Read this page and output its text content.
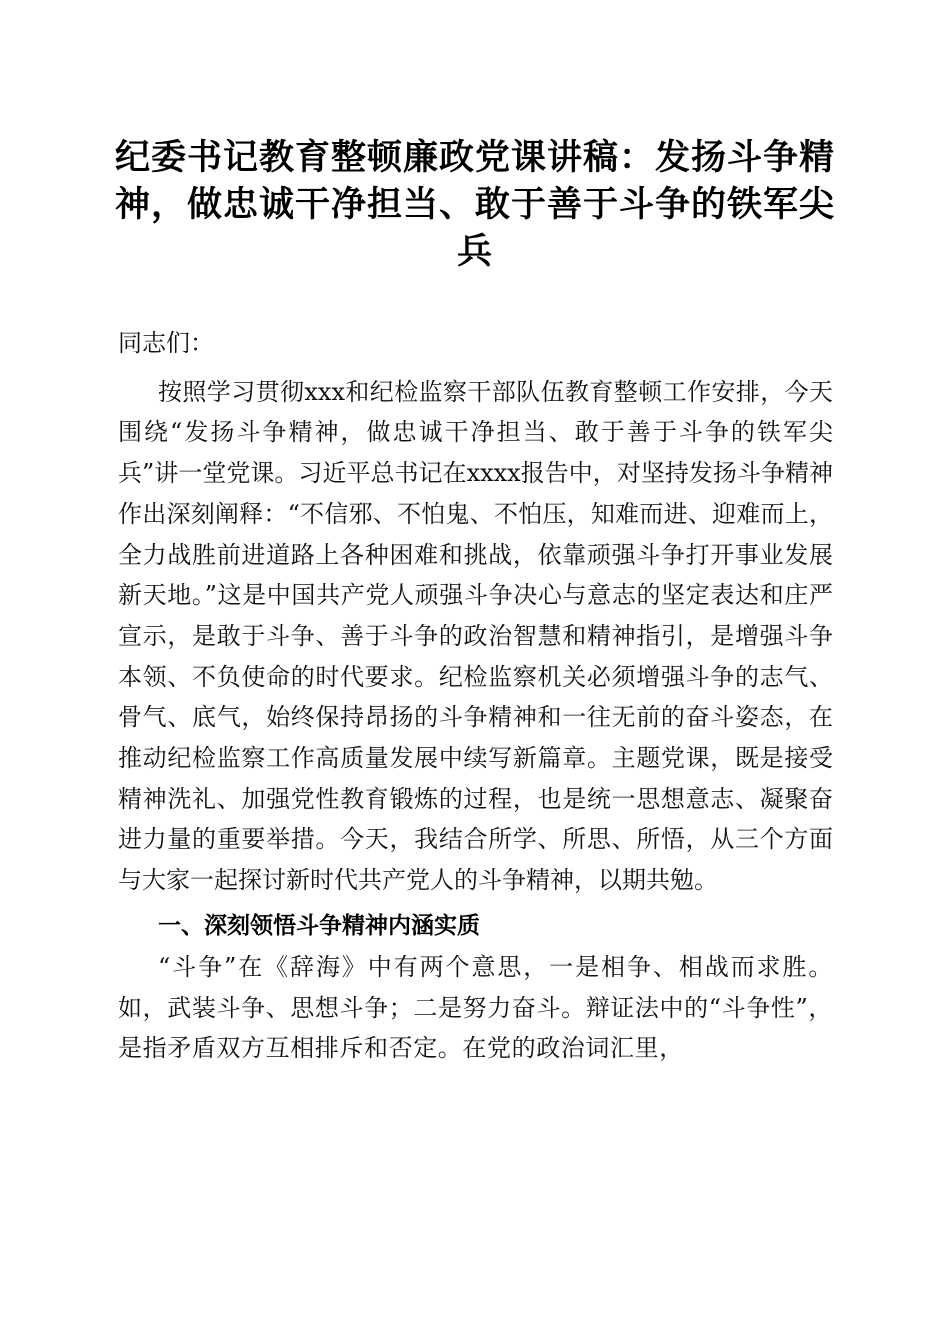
纪委书记教育整顿廉政党课讲稿：发扬斗争精神，做忠诚干净担当、敢于善于斗争的铁军尖兵

同志们：

按照学习贯彻xxx和纪检监察干部队伍教育整顿工作安排，今天围绕“发扬斗争精神，做忠诚干净担当、敢于善于斗争的铁军尖兵”讲一堂党课。习近平总书记在xxxx报告中，对坚持发扬斗争精神作出深刻阐释：“不信邪、不怕鬼、不怕压，知难而进、迎难而上，全力战胜前进道路上各种困难和挑战，依靠顽强斗争打开事业发展新天地。”这是中国共产党人顽强斗争决心与意志的坚定表达和庄严宣示，是敢于斗争、善于斗争的政治智慧和精神指引，是增强斗争本领、不负使命的时代要求。纪检监察机关必须增强斗争的志气、骨气、底气，始终保持昂扬的斗争精神和一往无前的奋斗姿态，在推动纪检监察工作高质量发展中续写新篇章。主题党课，既是接受精神洗礼、加强党性教育锻炼的过程，也是统一思想意志、凝聚奋进力量的重要举措。今天，我结合所学、所思、所悟，从三个方面与大家一起探讨新时代共产党人的斗争精神，以期共勉。

一、深刻领悟斗争精神内涵实质

“斗争”在《辞海》中有两个意思，一是相争、相战而求胜。如，武装斗争、思想斗争；二是努力奋斗。辩证法中的“斗争性”，是指矛盾双方互相排斥和否定。在党的政治词汇里，
